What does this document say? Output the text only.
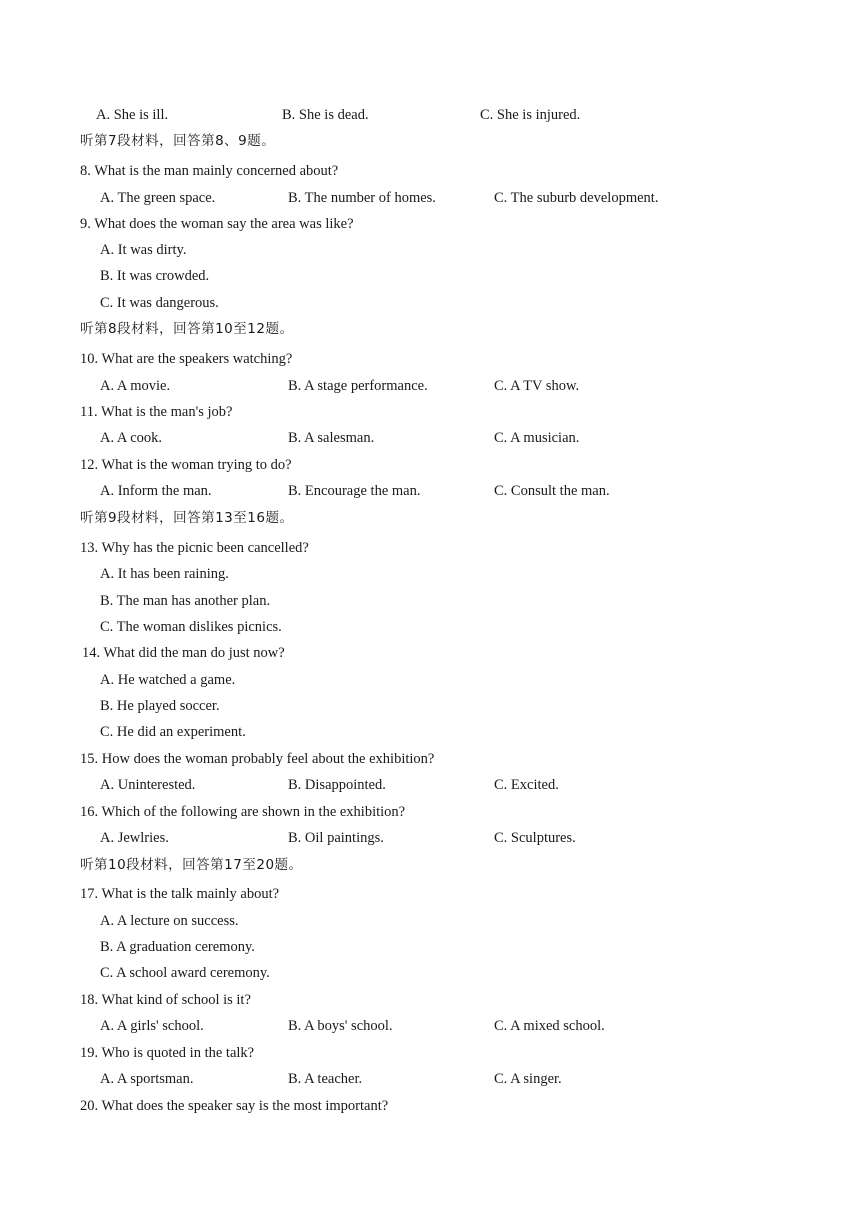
A. She is ill.	B. She is dead.	C. She is injured.
听第7段材料，回答第8、9题。
8. What is the man mainly concerned about?
A. The green space.	B. The number of homes.	C. The suburb development.
9. What does the woman say the area was like?
A. It was dirty.
B. It was crowded.
C. It was dangerous.
听第8段材料，回答第10至12题。
10. What are the speakers watching?
A. A movie.	B. A stage performance.	C. A TV show.
11. What is the man's job?
A. A cook.	B. A salesman.	C. A musician.
12. What is the woman trying to do?
A. Inform the man.	B. Encourage the man.	C. Consult the man.
听第9段材料，回答第13至16题。
13. Why has the picnic been cancelled?
A. It has been raining.
B. The man has another plan.
C. The woman dislikes picnics.
14. What did the man do just now?
A. He watched a game.
B. He played soccer.
C. He did an experiment.
15. How does the woman probably feel about the exhibition?
A. Uninterested.	B. Disappointed.	C. Excited.
16. Which of the following are shown in the exhibition?
A. Jewlries.	B. Oil paintings.	C. Sculptures.
听第10段材料，回答第17至20题。
17. What is the talk mainly about?
A. A lecture on success.
B. A graduation ceremony.
C. A school award ceremony.
18. What kind of school is it?
A. A girls' school.	B. A boys' school.	C. A mixed school.
19. Who is quoted in the talk?
A. A sportsman.	B. A teacher.	C. A singer.
20. What does the speaker say is the most important?
